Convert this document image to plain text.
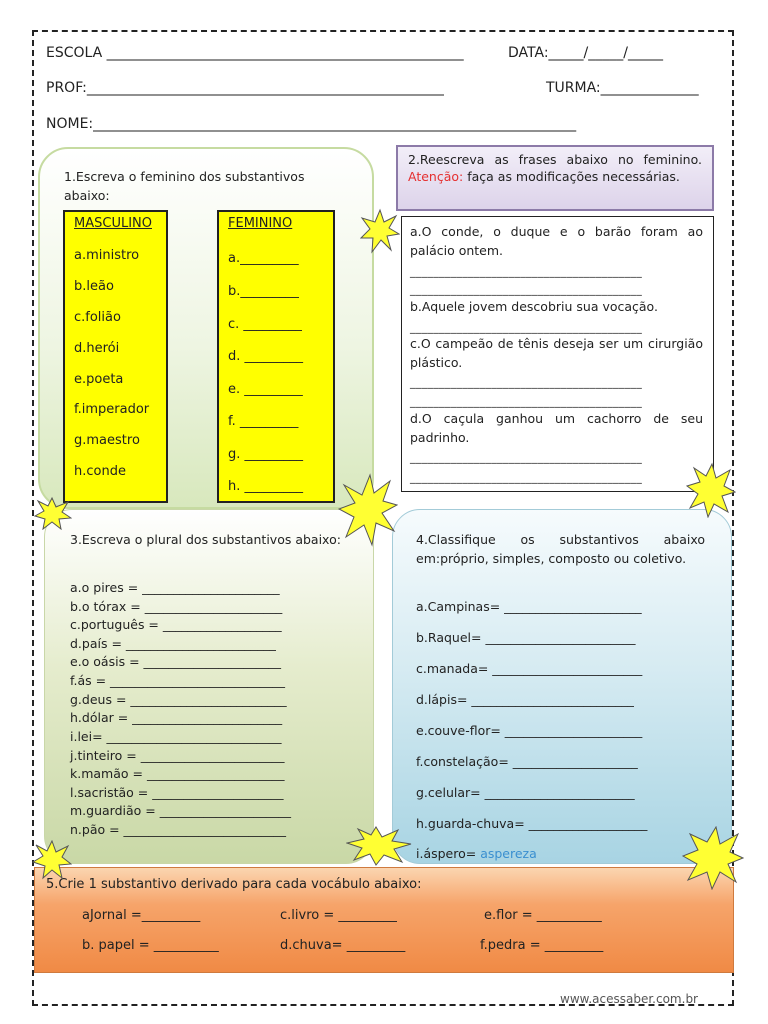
ESCOLA ___________________________________________________	DATA:_____/_____/_____
PROF:___________________________________________________	TURMA:______________
NOME:_____________________________________________________________________
1.Escreva o feminino dos substantivos abaixo:
MASCULINO
a.ministro
b.leão
c.folião
d.herói
e.poeta
f.imperador
g.maestro
h.conde
FEMININO
a._________
b._________
c. _________
d. _________
e. _________
f. _________
g. _________
h. _________
2.Reescreva as frases abaixo no feminino. Atenção: faça as modificações necessárias.
a.O conde, o duque e o barão foram ao palácio ontem.
________________________________________
________________________________________
b.Aquele jovem descobriu sua vocação.
________________________________________
c.O campeão de tênis deseja ser um cirurgião plástico.
________________________________________
________________________________________
d.O caçula ganhou um cachorro de seu padrinho.
________________________________________
________________________________________
3.Escreva o plural dos substantivos abaixo:
a.o pires = ______________________
b.o tórax = ______________________
c.português = ___________________
d.país = ________________________
e.o oásis = ______________________
f.ás = ____________________________
g.deus = _________________________
h.dólar = ________________________
i.lei= ____________________________
j.tinteiro = _______________________
k.mamão = ______________________
l.sacristão = _____________________
m.guardião = _____________________
n.pão = __________________________
4.Classifique os substantivos abaixo em:próprio, simples, composto ou coletivo.
a.Campinas= ______________________
b.Raquel= ________________________
c.manada= ________________________
d.lápis= __________________________
e.couve-flor= ______________________
f.constelação= ____________________
g.celular= ________________________
h.guarda-chuva= ___________________
i.áspero= aspereza
5.Crie 1 substantivo derivado para cada vocábulo abaixo:
aJornal =_________	c.livro = _________	e.flor = __________
b. papel = __________	d.chuva= _________	f.pedra = _________
www.acessaber.com.br
